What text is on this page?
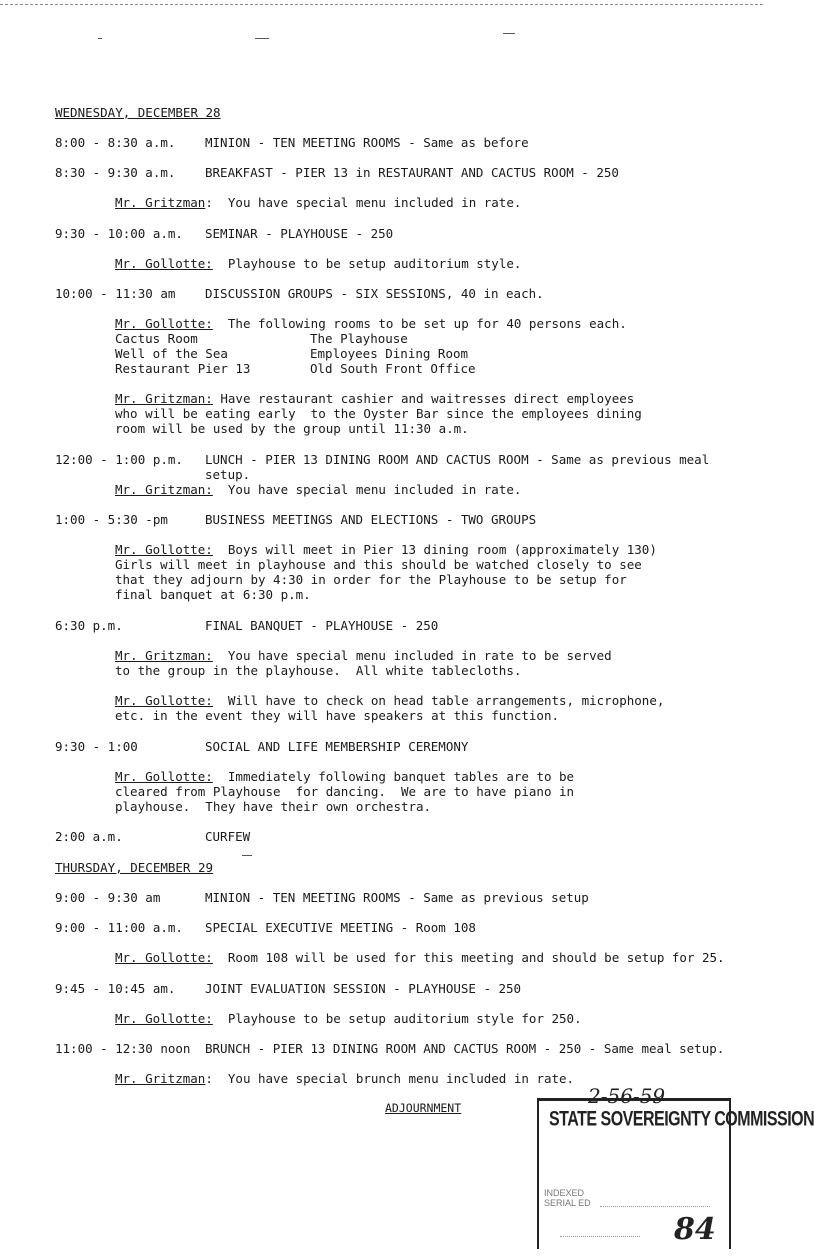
WEDNESDAY, DECEMBER 28
8:00 - 8:30 a.m. MINION - TEN MEETING ROOMS - Same as before
8:30 - 9:30 a.m. BREAKFAST - PIER 13 in RESTAURANT AND CACTUS ROOM - 250
Mr. Gritzman:  You have special menu included in rate.
9:30 - 10:00 a.m. SEMINAR - PLAYHOUSE - 250
Mr. Gollotte:  Playhouse to be setup auditorium style.
10:00 - 11:30 am DISCUSSION GROUPS - SIX SESSIONS, 40 in each.
Mr. Gollotte:  The following rooms to be set up for 40 persons each.
Cactus Room	The Playhouse
Well of the Sea	Employees Dining Room
Restaurant Pier 13	Old South Front Office
Mr. Gritzman: Have restaurant cashier and waitresses direct employees
who will be eating early  to the Oyster Bar since the employees dining
room will be used by the group until 11:30 a.m.
12:00 - 1:00 p.m. LUNCH - PIER 13 DINING ROOM AND CACTUS ROOM - Same as previous meal
setup.
Mr. Gritzman:  You have special menu included in rate.
1:00 - 5:30 -pm	BUSINESS MEETINGS AND ELECTIONS - TWO GROUPS
Mr. Gollotte:  Boys will meet in Pier 13 dining room (approximately 130)
Girls will meet in playhouse and this should be watched closely to see
that they adjourn by 4:30 in order for the Playhouse to be setup for
final banquet at 6:30 p.m.
6:30 p.m.	FINAL BANQUET - PLAYHOUSE - 250
Mr. Gritzman:  You have special menu included in rate to be served
to the group in the playhouse.  All white tablecloths.
Mr. Gollotte:  Will have to check on head table arrangements, microphone,
etc. in the event they will have speakers at this function.
9:30 - 1:00	SOCIAL AND LIFE MEMBERSHIP CEREMONY
Mr. Gollotte:  Immediately following banquet tables are to be
cleared from Playhouse  for dancing.  We are to have piano in
playhouse.  They have their own orchestra.
2:00 a.m.	CURFEW
THURSDAY, DECEMBER 29
9:00 - 9:30 am	MINION - TEN MEETING ROOMS - Same as previous setup
9:00 - 11:00 a.m. SPECIAL EXECUTIVE MEETING - Room 108
Mr. Gollotte:  Room 108 will be used for this meeting and should be setup for 25.
9:45 - 10:45 am. JOINT EVALUATION SESSION - PLAYHOUSE - 250
Mr. Gollotte:  Playhouse to be setup auditorium style for 250.
11:00 - 12:30 noon BRUNCH - PIER 13 DINING ROOM AND CACTUS ROOM - 250 - Same meal setup.
Mr. Gritzman:  You have special brunch menu included in rate.
ADJOURNMENT	2-56-59
STATE SOVEREIGNTY COMMISSION
INDEXED
SERIAL ED
84
